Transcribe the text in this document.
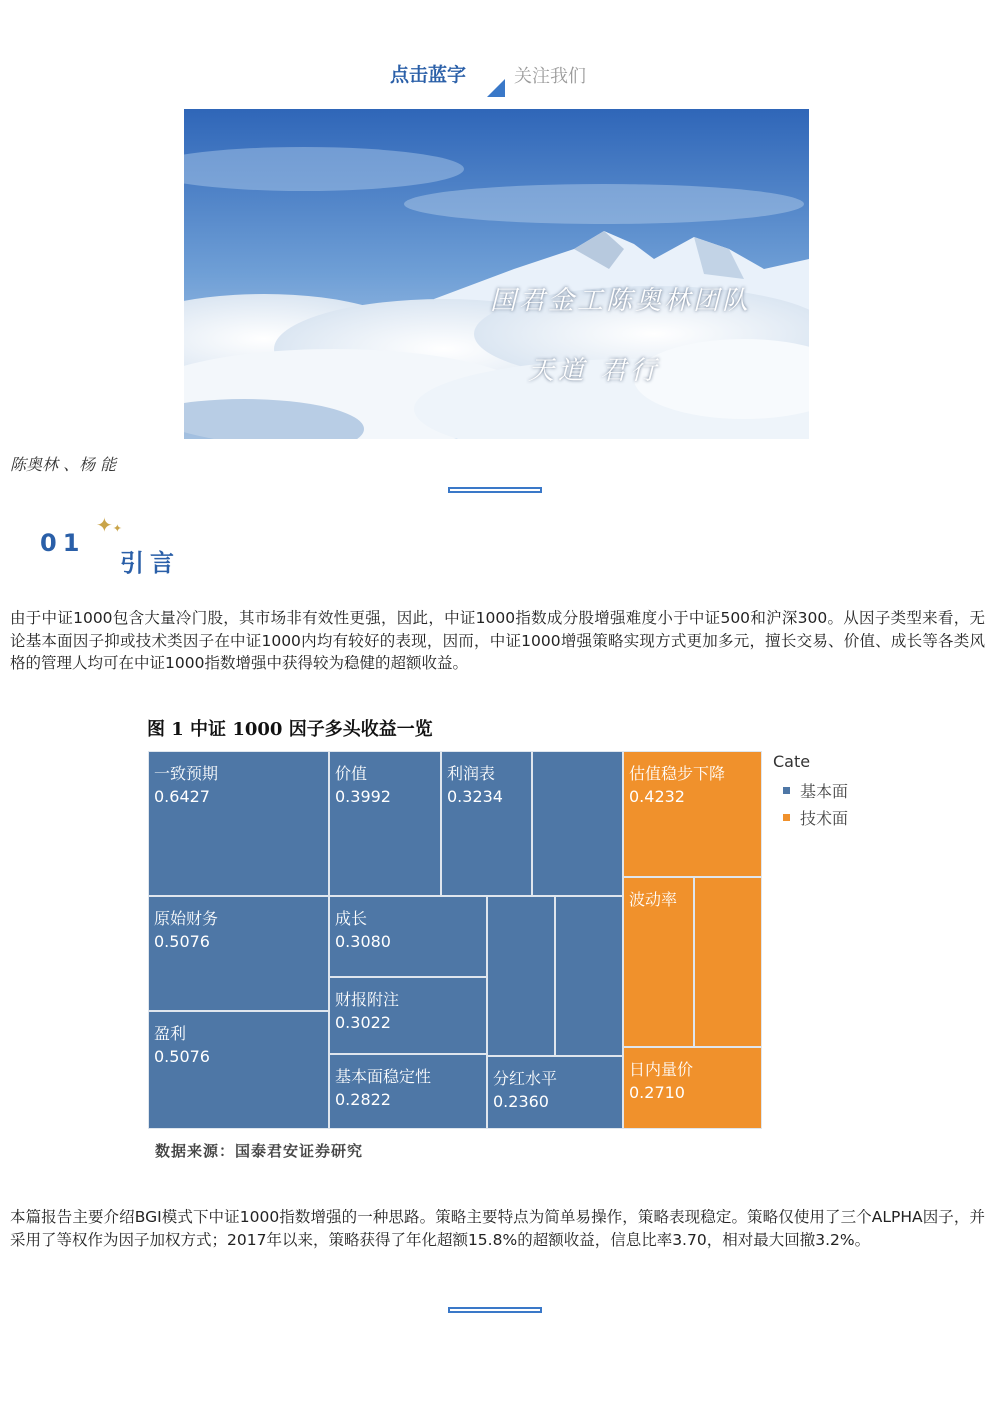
点击蓝字	关注我们
国君金工陈奥林团队
天道 君行
陈奥林 、杨 能
01
✦✦
引言
由于中证1000包含大量冷门股，其市场非有效性更强，因此，中证1000指数成分股增强难度小于中证500和沪深300。从因子类型来看，无论基本面因子抑或技术类因子在中证1000内均有较好的表现，因而，中证1000增强策略实现方式更加多元，擅长交易、价值、成长等各类风格的管理人均可在中证1000指数增强中获得较为稳健的超额收益。
图 1 中证 1000 因子多头收益一览
一致预期
0.6427
价值
0.3992
利润表
0.3234
原始财务
0.5076
成长
0.3080
财报附注
0.3022
盈利
0.5076
基本面稳定性
0.2822
分红水平
0.2360
估值稳步下降
0.4232
波动率
日内量价
0.2710
Cate
基本面
技术面
数据来源：国泰君安证券研究
本篇报告主要介绍BGI模式下中证1000指数增强的一种思路。策略主要特点为简单易操作，策略表现稳定。策略仅使用了三个ALPHA因子，并采用了等权作为因子加权方式；2017年以来，策略获得了年化超额15.8%的超额收益，信息比率3.70，相对最大回撤3.2%。
